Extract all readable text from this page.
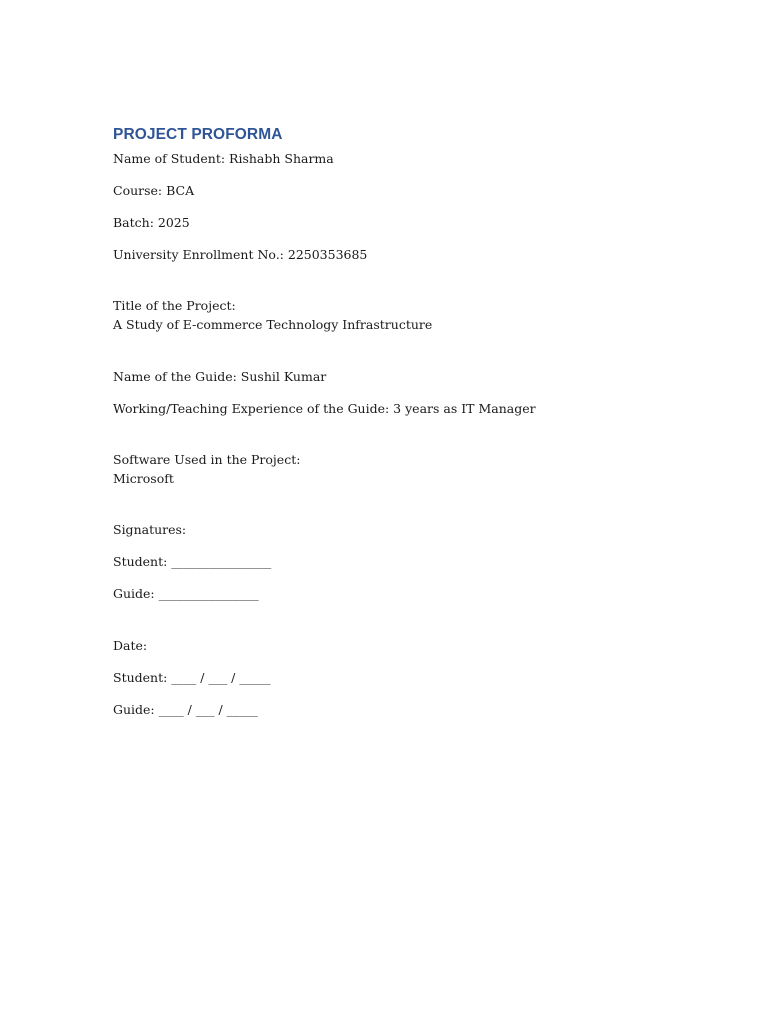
PROJECT PROFORMA
Name of Student: Rishabh Sharma
Course: BCA
Batch: 2025
University Enrollment No.: 2250353685
Title of the Project:
A Study of E-commerce Technology Infrastructure
Name of the Guide: Sushil Kumar
Working/Teaching Experience of the Guide: 3 years as IT Manager
Software Used in the Project:
Microsoft
Signatures:
Student: ________________
Guide: ________________
Date:
Student: ____ / ___ / _____
Guide: ____ / ___ / _____
